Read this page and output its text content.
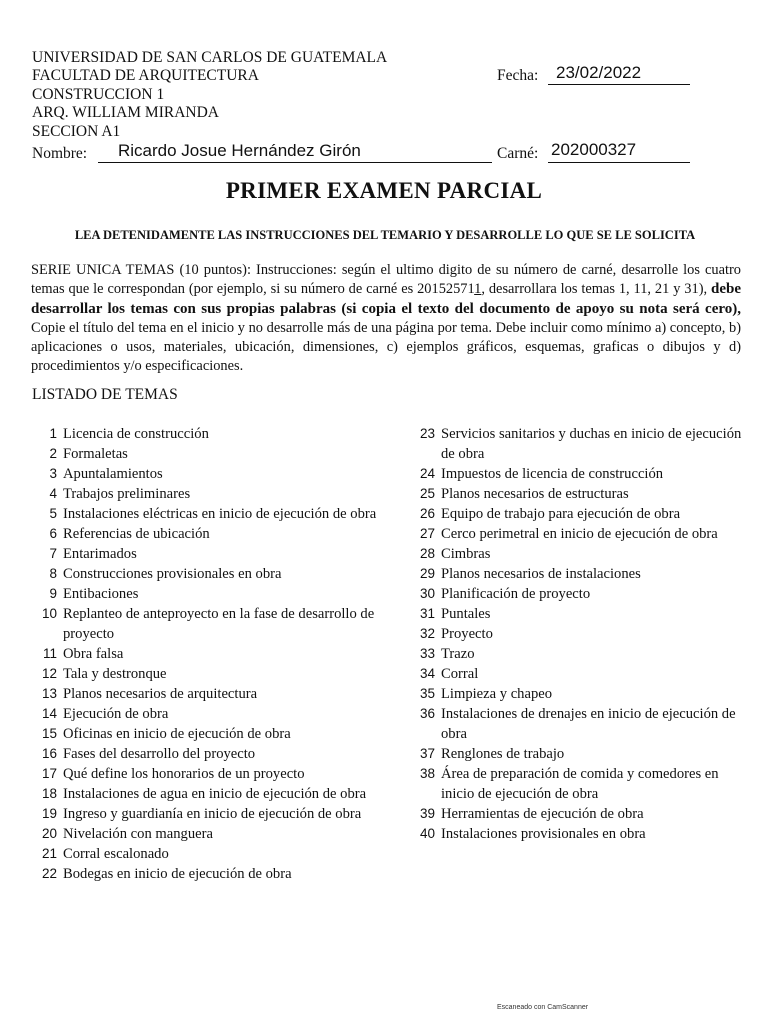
UNIVERSIDAD DE SAN CARLOS DE GUATEMALA
FACULTAD DE ARQUITECTURA
CONSTRUCCION 1
ARQ. WILLIAM MIRANDA
SECCION A1
Nombre: Ricardo Josue Hernández Girón
Fecha: 23/02/2022
Carné: 202000327
PRIMER EXAMEN PARCIAL
LEA DETENIDAMENTE LAS INSTRUCCIONES DEL TEMARIO Y DESARROLLE LO QUE SE LE SOLICITA
SERIE UNICA TEMAS (10 puntos): Instrucciones: según el ultimo digito de su número de carné, desarrolle los cuatro temas que le correspondan (por ejemplo, si su número de carné es 201525711, desarrollara los temas 1, 11, 21 y 31), debe desarrollar los temas con sus propias palabras (si copia el texto del documento de apoyo su nota será cero), Copie el título del tema en el inicio y no desarrolle más de una página por tema. Debe incluir como mínimo a) concepto, b) aplicaciones o usos, materiales, ubicación, dimensiones, c) ejemplos gráficos, esquemas, graficas o dibujos y d) procedimientos y/o especificaciones.
LISTADO DE TEMAS
1 Licencia de construcción
2 Formaletas
3 Apuntalamientos
4 Trabajos preliminares
5 Instalaciones eléctricas en inicio de ejecución de obra
6 Referencias de ubicación
7 Entarimados
8 Construcciones provisionales en obra
9 Entibaciones
10 Replanteo de anteproyecto en la fase de desarrollo de proyecto
11 Obra falsa
12 Tala y destronque
13 Planos necesarios de arquitectura
14 Ejecución de obra
15 Oficinas en inicio de ejecución de obra
16 Fases del desarrollo del proyecto
17 Qué define los honorarios de un proyecto
18 Instalaciones de agua en inicio de ejecución de obra
19 Ingreso y guardianía en inicio de ejecución de obra
20 Nivelación con manguera
21 Corral escalonado
22 Bodegas en inicio de ejecución de obra
23 Servicios sanitarios y duchas en inicio de ejecución de obra
24 Impuestos de licencia de construcción
25 Planos necesarios de estructuras
26 Equipo de trabajo para ejecución de obra
27 Cerco perimetral en inicio de ejecución de obra
28 Cimbras
29 Planos necesarios de instalaciones
30 Planificación de proyecto
31 Puntales
32 Proyecto
33 Trazo
34 Corral
35 Limpieza y chapeo
36 Instalaciones de drenajes en inicio de ejecución de obra
37 Renglones de trabajo
38 Área de preparación de comida y comedores en inicio de ejecución de obra
39 Herramientas de ejecución de obra
40 Instalaciones provisionales en obra
Escaneado con CamScanner
